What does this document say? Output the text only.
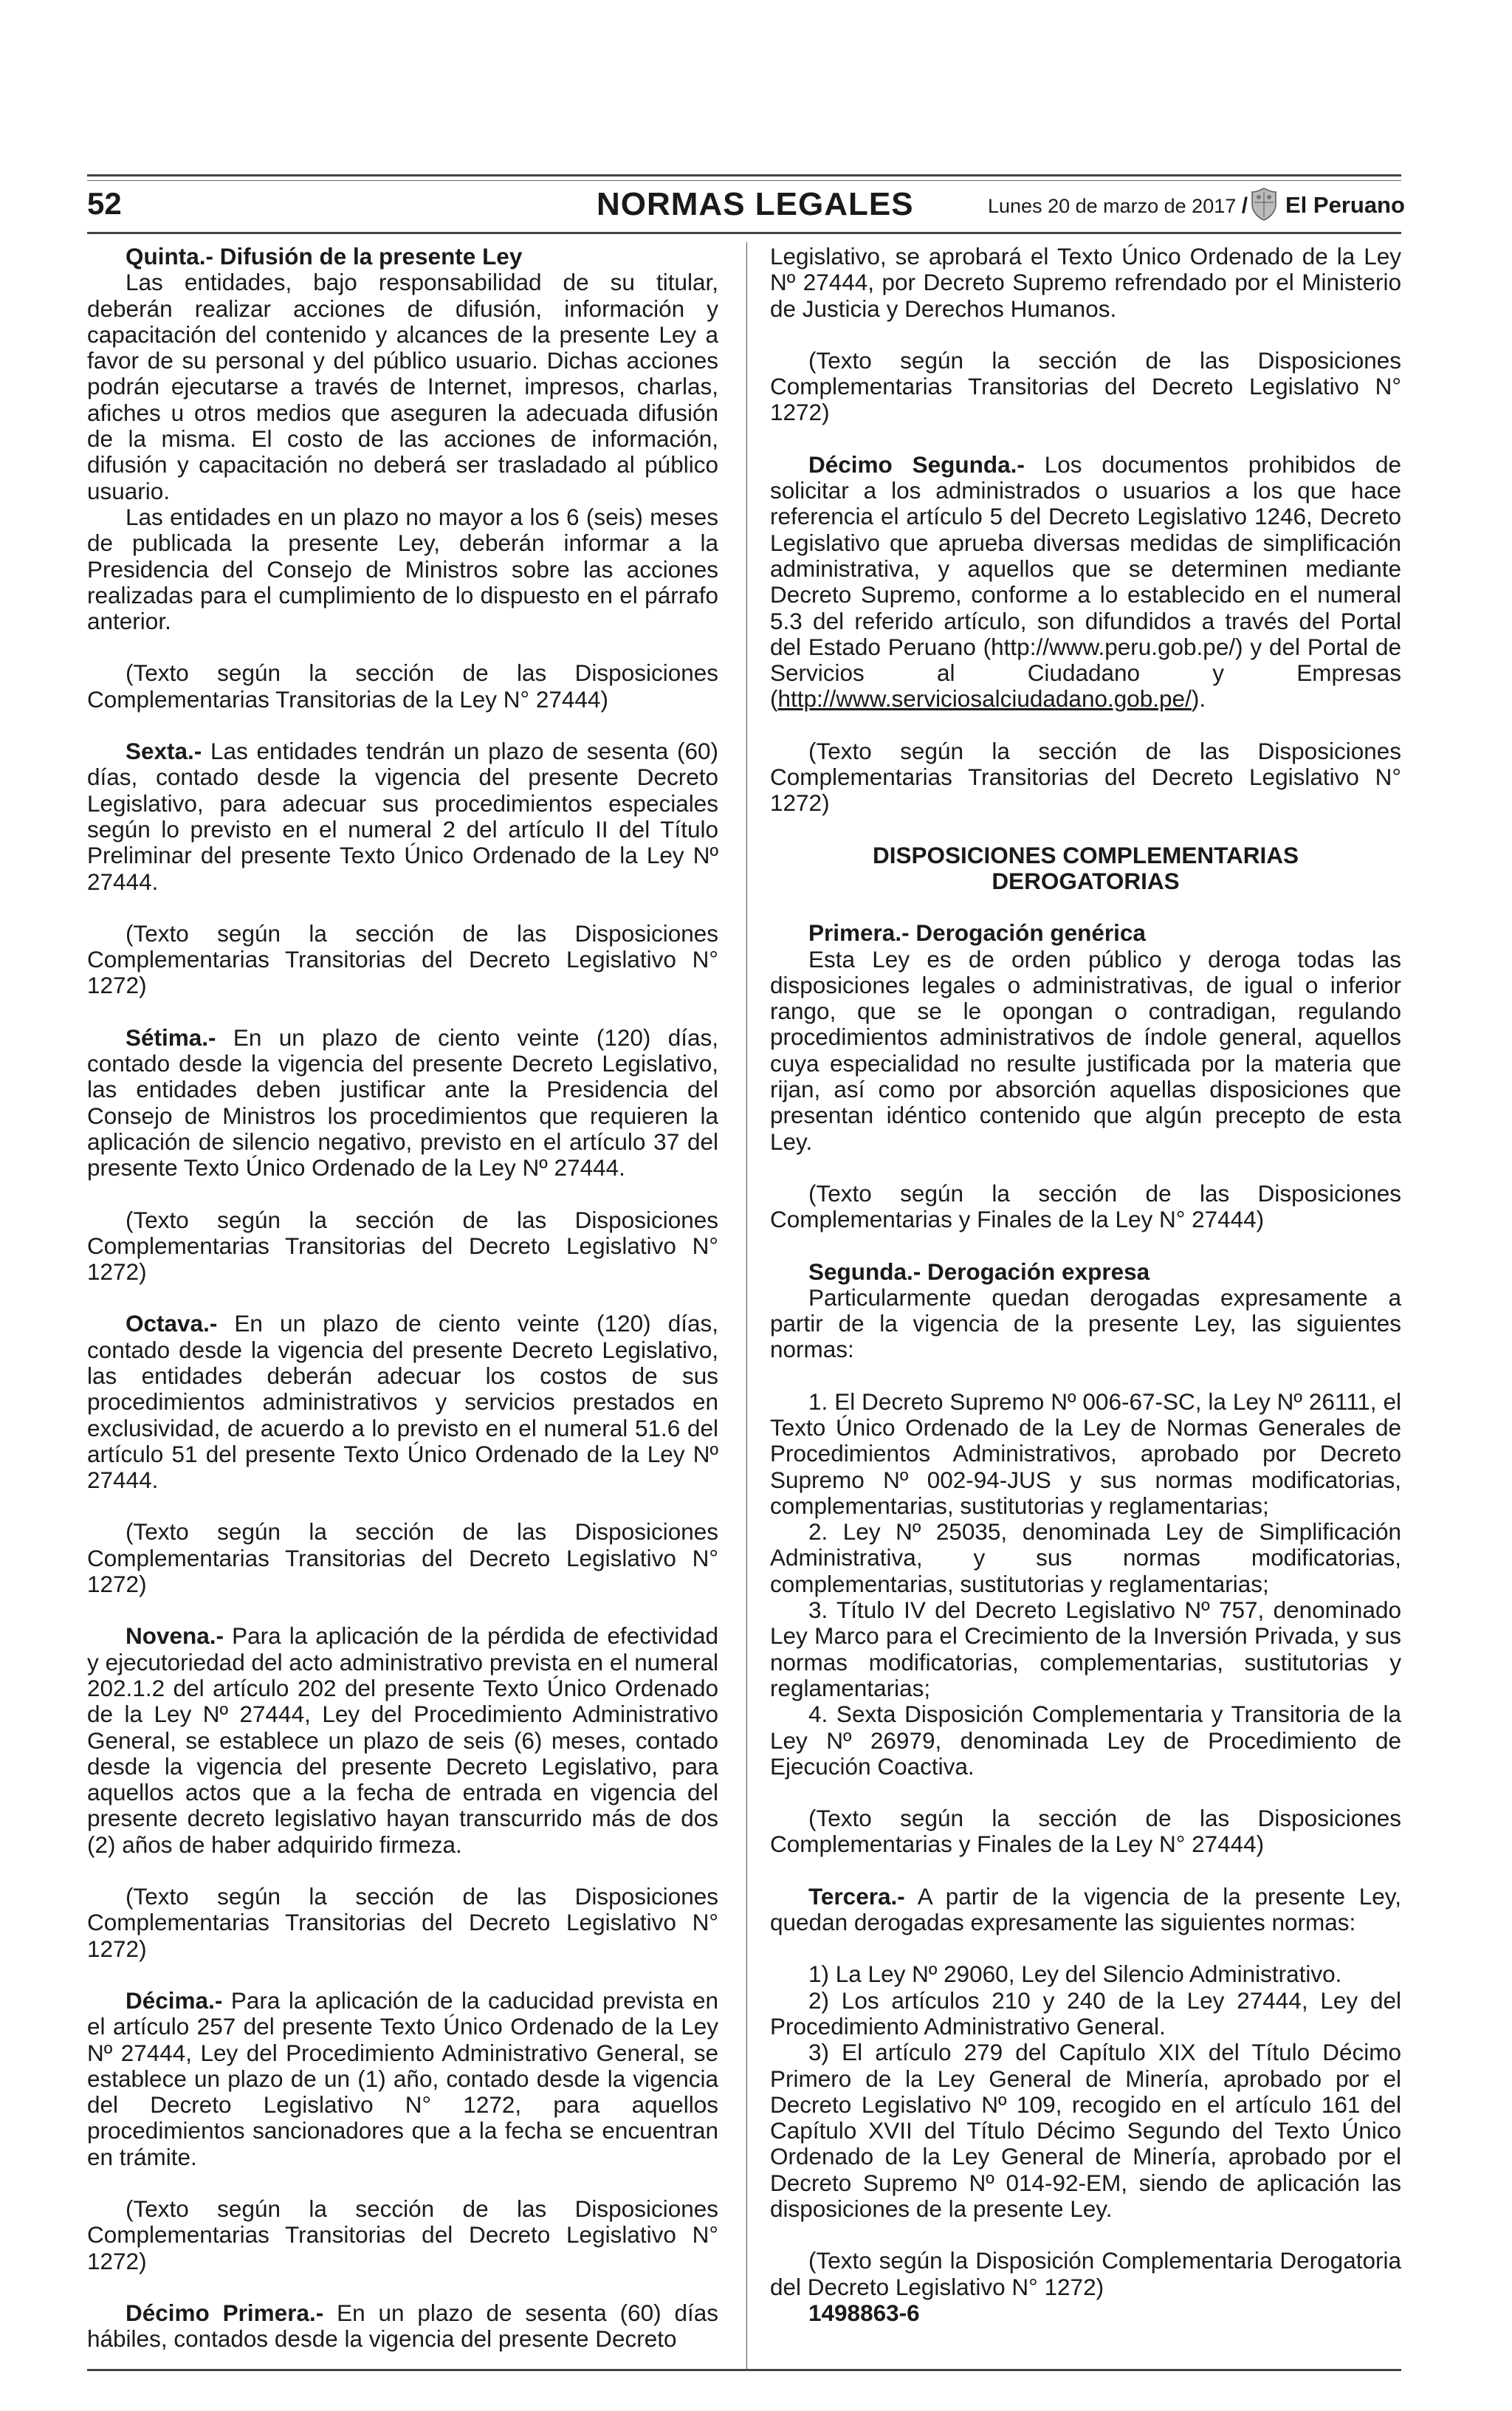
52	NORMAS LEGALES	Lunes 20 de marzo de 2017 / El Peruano

Quinta.- Difusión de la presente Ley

Las entidades, bajo responsabilidad de su titular, deberán realizar acciones de difusión, información y capacitación del contenido y alcances de la presente Ley a favor de su personal y del público usuario. Dichas acciones podrán ejecutarse a través de Internet, impresos, charlas, afiches u otros medios que aseguren la adecuada difusión de la misma. El costo de las acciones de información, difusión y capacitación no deberá ser trasladado al público usuario.

Las entidades en un plazo no mayor a los 6 (seis) meses de publicada la presente Ley, deberán informar a la Presidencia del Consejo de Ministros sobre las acciones realizadas para el cumplimiento de lo dispuesto en el párrafo anterior.

(Texto según la sección de las Disposiciones Complementarias Transitorias de la Ley N° 27444)

Sexta.- Las entidades tendrán un plazo de sesenta (60) días, contado desde la vigencia del presente Decreto Legislativo, para adecuar sus procedimientos especiales según lo previsto en el numeral 2 del artículo II del Título Preliminar del presente Texto Único Ordenado de la Ley Nº 27444.

(Texto según la sección de las Disposiciones Complementarias Transitorias del Decreto Legislativo N° 1272)

Sétima.- En un plazo de ciento veinte (120) días, contado desde la vigencia del presente Decreto Legislativo, las entidades deben justificar ante la Presidencia del Consejo de Ministros los procedimientos que requieren la aplicación de silencio negativo, previsto en el artículo 37 del presente Texto Único Ordenado de la Ley Nº 27444.

(Texto según la sección de las Disposiciones Complementarias Transitorias del Decreto Legislativo N° 1272)

Octava.- En un plazo de ciento veinte (120) días, contado desde la vigencia del presente Decreto Legislativo, las entidades deberán adecuar los costos de sus procedimientos administrativos y servicios prestados en exclusividad, de acuerdo a lo previsto en el numeral 51.6 del artículo 51 del presente Texto Único Ordenado de la Ley Nº 27444.

(Texto según la sección de las Disposiciones Complementarias Transitorias del Decreto Legislativo N° 1272)

Novena.- Para la aplicación de la pérdida de efectividad y ejecutoriedad del acto administrativo prevista en el numeral 202.1.2 del artículo 202 del presente Texto Único Ordenado de la Ley Nº 27444, Ley del Procedimiento Administrativo General, se establece un plazo de seis (6) meses, contado desde la vigencia del presente Decreto Legislativo, para aquellos actos que a la fecha de entrada en vigencia del presente decreto legislativo hayan transcurrido más de dos (2) años de haber adquirido firmeza.

(Texto según la sección de las Disposiciones Complementarias Transitorias del Decreto Legislativo N° 1272)

Décima.- Para la aplicación de la caducidad prevista en el artículo 257 del presente Texto Único Ordenado de la Ley Nº 27444, Ley del Procedimiento Administrativo General, se establece un plazo de un (1) año, contado desde la vigencia del Decreto Legislativo N° 1272, para aquellos procedimientos sancionadores que a la fecha se encuentran en trámite.

(Texto según la sección de las Disposiciones Complementarias Transitorias del Decreto Legislativo N° 1272)

Décimo Primera.- En un plazo de sesenta (60) días hábiles, contados desde la vigencia del presente Decreto

Legislativo, se aprobará el Texto Único Ordenado de la Ley Nº 27444, por Decreto Supremo refrendado por el Ministerio de Justicia y Derechos Humanos.

(Texto según la sección de las Disposiciones Complementarias Transitorias del Decreto Legislativo N° 1272)

Décimo Segunda.- Los documentos prohibidos de solicitar a los administrados o usuarios a los que hace referencia el artículo 5 del Decreto Legislativo 1246, Decreto Legislativo que aprueba diversas medidas de simplificación administrativa, y aquellos que se determinen mediante Decreto Supremo, conforme a lo establecido en el numeral 5.3 del referido artículo, son difundidos a través del Portal del Estado Peruano (http://www.peru.gob.pe/) y del Portal de Servicios al Ciudadano y Empresas (http://www.serviciosalciudadano.gob.pe/).

(Texto según la sección de las Disposiciones Complementarias Transitorias del Decreto Legislativo N° 1272)

DISPOSICIONES COMPLEMENTARIAS
DEROGATORIAS

Primera.- Derogación genérica

Esta Ley es de orden público y deroga todas las disposiciones legales o administrativas, de igual o inferior rango, que se le opongan o contradigan, regulando procedimientos administrativos de índole general, aquellos cuya especialidad no resulte justificada por la materia que rijan, así como por absorción aquellas disposiciones que presentan idéntico contenido que algún precepto de esta Ley.

(Texto según la sección de las Disposiciones Complementarias y Finales de la Ley N° 27444)

Segunda.- Derogación expresa

Particularmente quedan derogadas expresamente a partir de la vigencia de la presente Ley, las siguientes normas:

1. El Decreto Supremo Nº 006-67-SC, la Ley Nº 26111, el Texto Único Ordenado de la Ley de Normas Generales de Procedimientos Administrativos, aprobado por Decreto Supremo Nº 002-94-JUS y sus normas modificatorias, complementarias, sustitutorias y reglamentarias;

2. Ley Nº 25035, denominada Ley de Simplificación Administrativa, y sus normas modificatorias, complementarias, sustitutorias y reglamentarias;

3. Título IV del Decreto Legislativo Nº 757, denominado Ley Marco para el Crecimiento de la Inversión Privada, y sus normas modificatorias, complementarias, sustitutorias y reglamentarias;

4. Sexta Disposición Complementaria y Transitoria de la Ley Nº 26979, denominada Ley de Procedimiento de Ejecución Coactiva.

(Texto según la sección de las Disposiciones Complementarias y Finales de la Ley N° 27444)

Tercera.- A partir de la vigencia de la presente Ley, quedan derogadas expresamente las siguientes normas:

1) La Ley Nº 29060, Ley del Silencio Administrativo.

2) Los artículos 210 y 240 de la Ley 27444, Ley del Procedimiento Administrativo General.

3) El artículo 279 del Capítulo XIX del Título Décimo Primero de la Ley General de Minería, aprobado por el Decreto Legislativo Nº 109, recogido en el artículo 161 del Capítulo XVII del Título Décimo Segundo del Texto Único Ordenado de la Ley General de Minería, aprobado por el Decreto Supremo Nº 014-92-EM, siendo de aplicación las disposiciones de la presente Ley.

(Texto según la Disposición Complementaria Derogatoria del Decreto Legislativo N° 1272)

1498863-6
